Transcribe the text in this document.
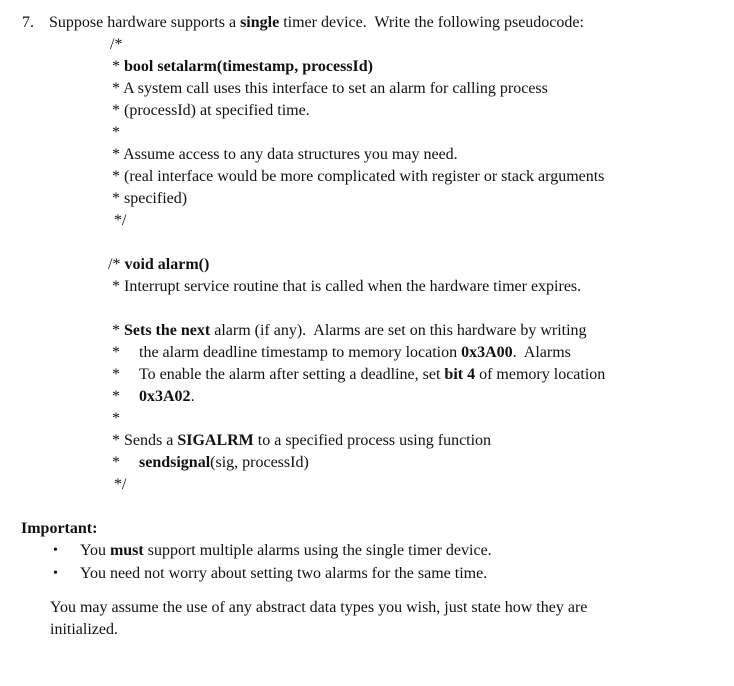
7. Suppose hardware supports a single timer device.  Write the following pseudocode:
/*
* bool setalarm(timestamp, processId)
* A system call uses this interface to set an alarm for calling process
* (processId) at specified time.
*
* Assume access to any data structures you may need.
* (real interface would be more complicated with register or stack arguments
* specified)
*/
/* void alarm()
* Interrupt service routine that is called when the hardware timer expires.
* Sets the next alarm (if any).  Alarms are set on this hardware by writing
* the alarm deadline timestamp to memory location 0x3A00.  Alarms
* To enable the alarm after setting a deadline, set bit 4 of memory location
* 0x3A02.
*
* Sends a SIGALRM to a specified process using function
* sendsignal(sig, processId)
*/
Important:
• You must support multiple alarms using the single timer device.
• You need not worry about setting two alarms for the same time.
You may assume the use of any abstract data types you wish, just state how they are
initialized.
